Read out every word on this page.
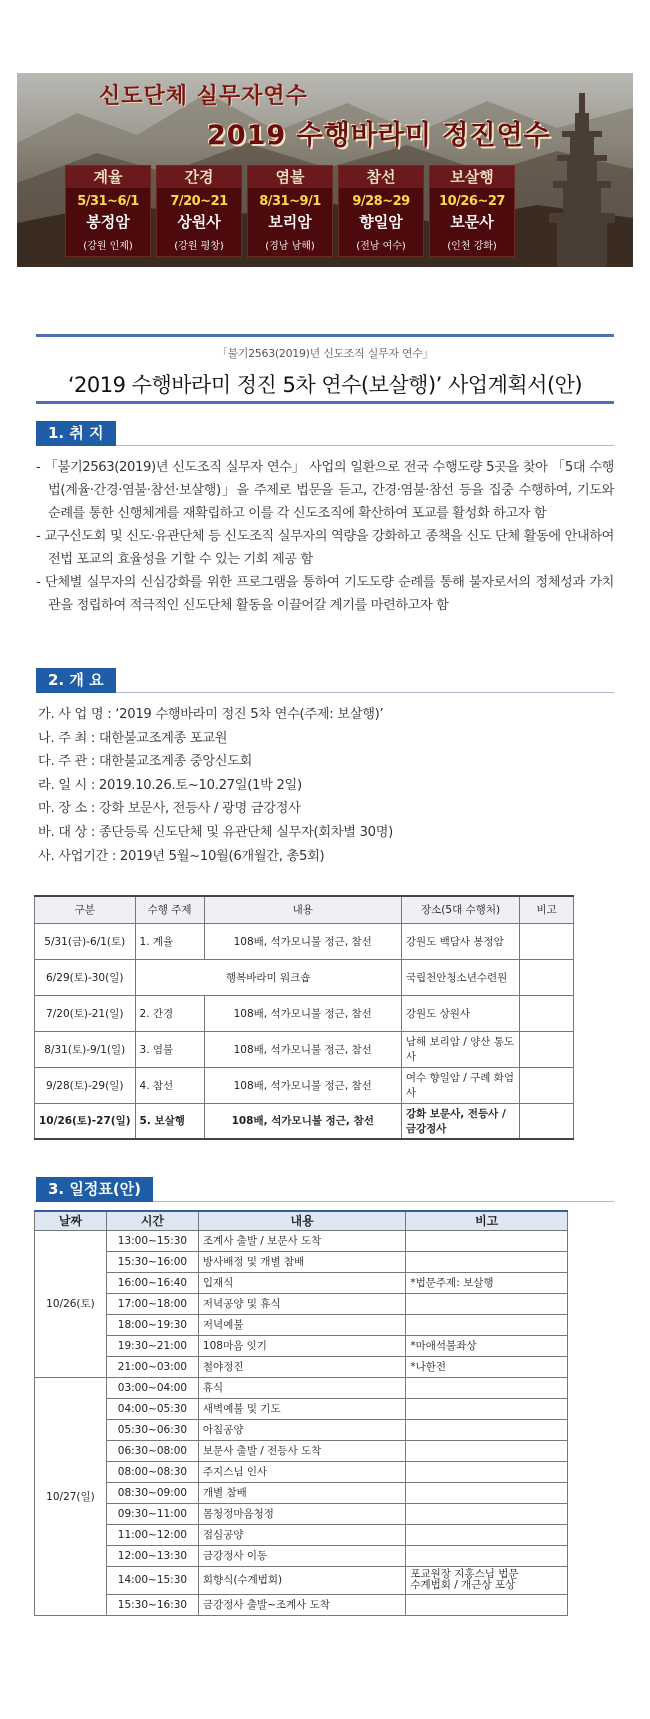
신도단체 실무자연수
2019 수행바라미 정진연수
계율
5/31~6/1
봉정암
(강원 인제)
간경
7/20~21
상원사
(강원 평창)
염불
8/31~9/1
보리암
(경남 남해)
참선
9/28~29
향일암
(전남 여수)
보살행
10/26~27
보문사
(인천 강화)
「불기2563(2019)년 신도조직 실무자 연수」
‘2019 수행바라미 정진 5차 연수(보살행)’ 사업계획서(안)
1. 취 지

- 「불기2563(2019)년 신도조직 실무자 연수」 사업의 일환으로 전국 수행도량 5곳을 찾아 「5대 수행법(계율·간경·염불·참선·보살행)」을 주제로 법문을 듣고, 간경·염불·참선 등을 집중 수행하여, 기도와 순례를 통한 신행체계를 재확립하고 이를 각 신도조직에 확산하여 포교를 활성화 하고자 함

- 교구신도회 및 신도·유관단체 등 신도조직 실무자의 역량을 강화하고 종책을 신도 단체 활동에 안내하여 전법 포교의 효율성을 기할 수 있는 기회 제공 함

- 단체별 실무자의 신심강화를 위한 프로그램을 통하여 기도도량 순례를 통해 불자로서의 정체성과 가치관을 정립하여 적극적인 신도단체 활동을 이끌어갈 계기를 마련하고자 함

2. 개 요
가. 사 업 명 : ‘2019 수행바라미 정진 5차 연수(주제: 보살행)’
나. 주 최 : 대한불교조계종 포교원
다. 주 관 : 대한불교조계종 중앙신도회
라. 일 시 : 2019.10.26.토~10.27일(1박 2일)
마. 장 소 : 강화 보문사, 전등사 / 광명 금강정사
바. 대 상 : 종단등록 신도단체 및 유관단체 실무자(회차별 30명)
사. 사업기간 : 2019년 5월~10월(6개월간, 총5회)
구분	수행 주제	내용	장소(5대 수행처)	비고
5/31(금)-6/1(토)	1. 계율	108배, 석가모니불 정근, 참선	강원도 백담사 봉정암	
6/29(토)-30(일)	행복바라미 워크숍		국립천안청소년수련원	
7/20(토)-21(일)	2. 간경	108배, 석가모니불 정근, 참선	강원도 상원사	
8/31(토)-9/1(일)	3. 염불	108배, 석가모니불 정근, 참선	남해 보리암 / 양산 통도사	
9/28(토)-29(일)	4. 참선	108배, 석가모니불 정근, 참선	여수 향일암 / 구례 화엄사	
10/26(토)-27(일)	5. 보살행	108배, 석가모니불 정근, 참선	강화 보문사, 전등사 / 금강정사	
3. 일정표(안)
날짜	시간	내용	비고
10/26(토)	13:00~15:30	조계사 출발 / 보문사 도착	
	15:30~16:00	방사배정 및 개별 참배	
	16:00~16:40	입재식	*법문주제: 보살행
	17:00~18:00	저녁공양 및 휴식	
	18:00~19:30	저녁예불	
	19:30~21:00	108마음 잇기	*마애석불좌상
	21:00~03:00	철야정진	*나한전
10/27(일)	03:00~04:00	휴식	
	04:00~05:30	새벽예불 및 기도	
	05:30~06:30	아침공양	
	06:30~08:00	보문사 출발 / 전등사 도착	
	08:00~08:30	주지스님 인사	
	08:30~09:00	개별 참배	
	09:30~11:00	몸청정마음청정	
	11:00~12:00	점심공양	
	12:00~13:30	금강정사 이동	
	14:00~15:30	회향식(수계법회)	포교원장 지홍스님 법문
수계법회 / 개근상 포상
	15:30~16:30	금강정사 출발~조계사 도착	
